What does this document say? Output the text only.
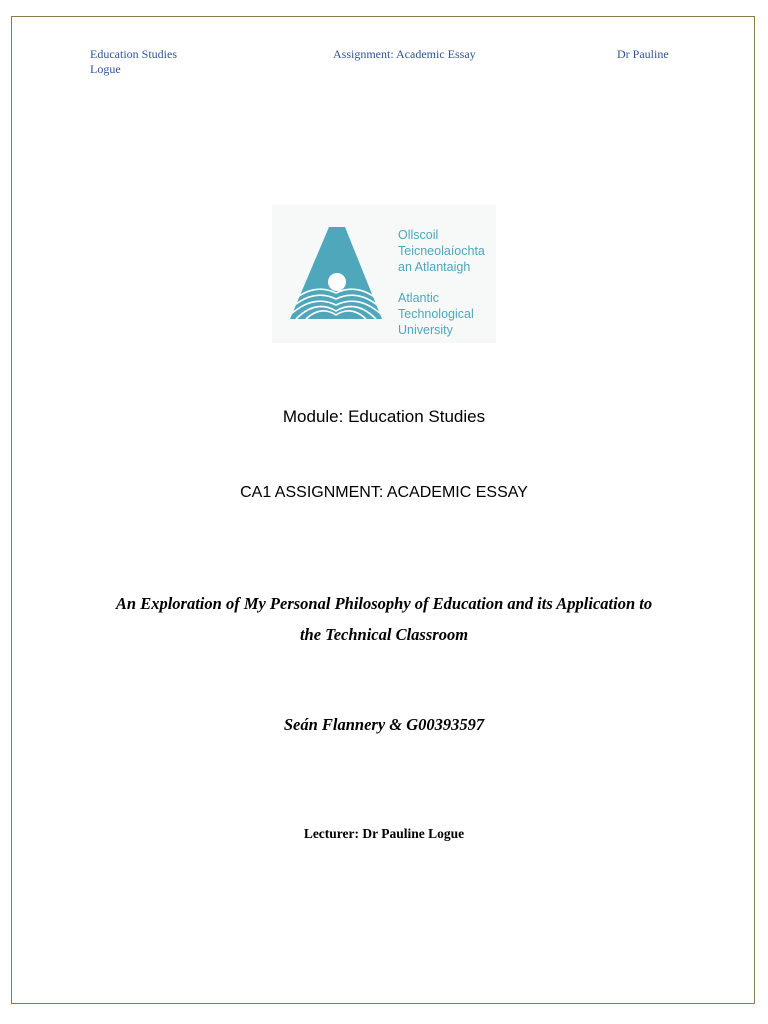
Education Studies	Assignment: Academic Essay	Dr Pauline
Logue
Ollscoil
Teicneolaíochta
an Atlantaigh
Atlantic
Technological
University
Module: Education Studies
CA1 ASSIGNMENT: ACADEMIC ESSAY
An Exploration of My Personal Philosophy of Education and its Application to
the Technical Classroom
Seán Flannery & G00393597
Lecturer: Dr Pauline Logue
